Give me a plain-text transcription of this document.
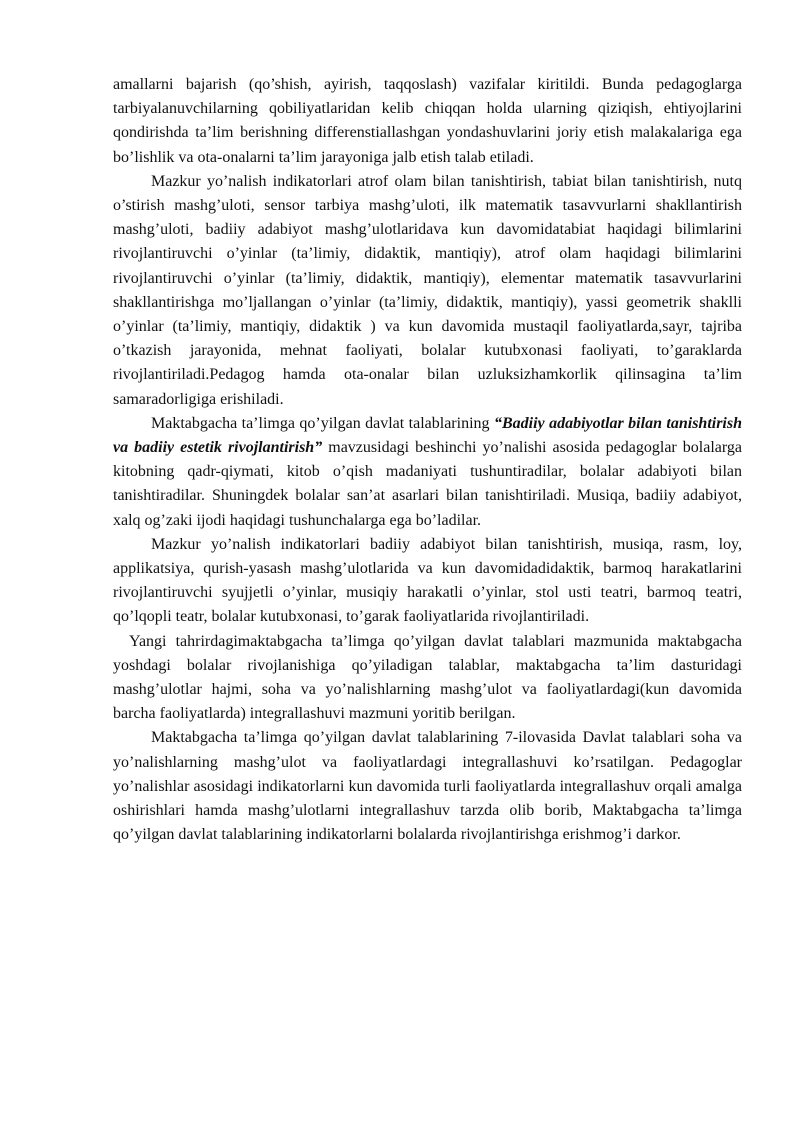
amallarni bajarish (qo’shish, ayirish, taqqoslash) vazifalar kiritildi. Bunda pedagoglarga tarbiyalanuvchilarning qobiliyatlaridan kelib chiqqan holda ularning qiziqish, ehtiyojlarini qondirishda ta’lim berishning differenstiallashgan yondashuvlarini joriy etish malakalariga ega bo’lishlik va ota-onalarni ta’lim jarayoniga jalb etish talab etiladi.

Mazkur yo’nalish indikatorlari atrof olam bilan tanishtirish, tabiat bilan tanishtirish, nutq o’stirish mashg’uloti, sensor tarbiya mashg’uloti, ilk matematik tasavvurlarni shakllantirish mashg’uloti, badiiy adabiyot mashg’ulotlaridava kun davomidatabiat haqidagi bilimlarini rivojlantiruvchi o’yinlar (ta’limiy, didaktik, mantiqiy), atrof olam haqidagi bilimlarini rivojlantiruvchi o’yinlar (ta’limiy, didaktik, mantiqiy), elementar matematik tasavvurlarini shakllantirishga mo’ljallangan o’yinlar (ta’limiy, didaktik, mantiqiy), yassi geometrik shaklli o’yinlar (ta’limiy, mantiqiy, didaktik ) va kun davomida mustaqil faoliyatlarda,sayr, tajriba o’tkazish jarayonida, mehnat faoliyati, bolalar kutubxonasi faoliyati, to’garaklarda rivojlantiriladi.Pedagog hamda ota-onalar bilan uzluksizhamkorlik qilinsagina ta’lim samaradorligiga erishiladi.

Maktabgacha ta’limga qo’yilgan davlat talablarining “Badiiy adabiyotlar bilan tanishtirish va badiiy estetik rivojlantirish” mavzusidagi beshinchi yo’nalishi asosida pedagoglar bolalarga kitobning qadr-qiymati, kitob o’qish madaniyati tushuntiradilar, bolalar adabiyoti bilan tanishtiradilar. Shuningdek bolalar san’at asarlari bilan tanishtiriladi. Musiqa, badiiy adabiyot, xalq og’zaki ijodi haqidagi tushunchalarga ega bo’ladilar.

Mazkur yo’nalish indikatorlari badiiy adabiyot bilan tanishtirish, musiqa, rasm, loy, applikatsiya, qurish-yasash mashg’ulotlarida va kun davomidadidaktik, barmoq harakatlarini rivojlantiruvchi syujjetli o’yinlar, musiqiy harakatli o’yinlar, stol usti teatri, barmoq teatri, qo’lqopli teatr, bolalar kutubxonasi, to’garak faoliyatlarida rivojlantiriladi.

Yangi tahrirdagimaktabgacha ta’limga qo’yilgan davlat talablari mazmunida maktabgacha yoshdagi bolalar rivojlanishiga qo’yiladigan talablar, maktabgacha ta’lim dasturidagi mashg’ulotlar hajmi, soha va yo’nalishlarning mashg’ulot va faoliyatlardagi(kun davomida barcha faoliyatlarda) integrallashuvi mazmuni yoritib berilgan.

Maktabgacha ta’limga qo’yilgan davlat talablarining 7-ilovasida Davlat talablari soha va yo’nalishlarning mashg’ulot va faoliyatlardagi integrallashuvi ko’rsatilgan. Pedagoglar yo’nalishlar asosidagi indikatorlarni kun davomida turli faoliyatlarda integrallashuv orqali amalga oshirishlari hamda mashg’ulotlarni integrallashuv tarzda olib borib, Maktabgacha ta’limga qo’yilgan davlat talablarining indikatorlarni bolalarda rivojlantirishga erishmog’i darkor.
